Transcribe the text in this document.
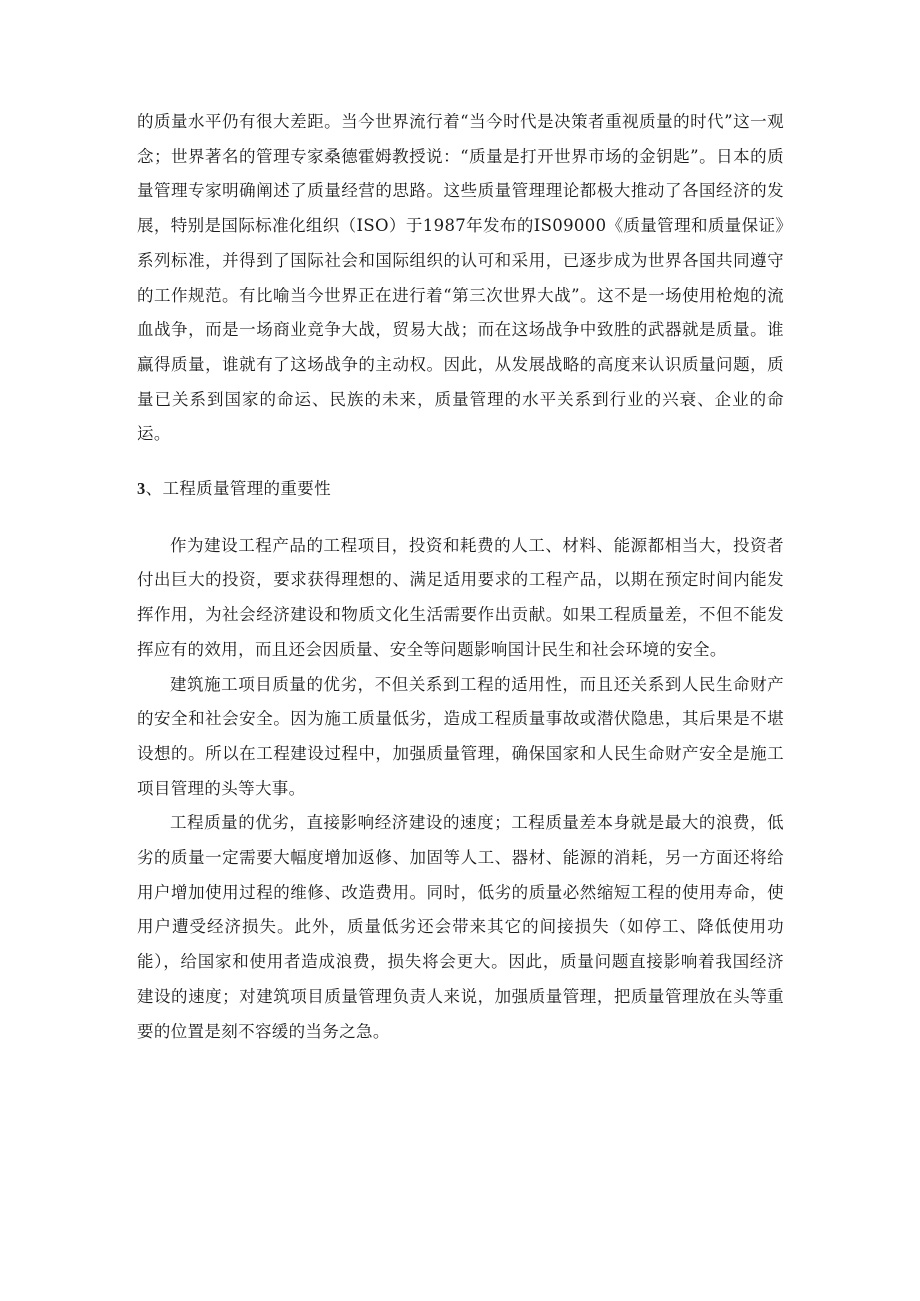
的质量水平仍有很大差距。当今世界流行着“当今时代是决策者重视质量的时代”这一观念；世界著名的管理专家桑德霍姆教授说：“质量是打开世界市场的金钥匙”。日本的质量管理专家明确阐述了质量经营的思路。这些质量管理理论都极大推动了各国经济的发展，特别是国际标准化组织（ISO）于1987年发布的IS09000《质量管理和质量保证》系列标准，并得到了国际社会和国际组织的认可和采用，已逐步成为世界各国共同遵守的工作规范。有比喻当今世界正在进行着“第三次世界大战”。这不是一场使用枪炮的流血战争，而是一场商业竞争大战，贸易大战；而在这场战争中致胜的武器就是质量。谁赢得质量，谁就有了这场战争的主动权。因此，从发展战略的高度来认识质量问题，质量已关系到国家的命运、民族的未来，质量管理的水平关系到行业的兴衰、企业的命运。

3、工程质量管理的重要性

作为建设工程产品的工程项目，投资和耗费的人工、材料、能源都相当大，投资者付出巨大的投资，要求获得理想的、满足适用要求的工程产品，以期在预定时间内能发挥作用，为社会经济建设和物质文化生活需要作出贡献。如果工程质量差，不但不能发挥应有的效用，而且还会因质量、安全等问题影响国计民生和社会环境的安全。

建筑施工项目质量的优劣，不但关系到工程的适用性，而且还关系到人民生命财产的安全和社会安全。因为施工质量低劣，造成工程质量事故或潜伏隐患，其后果是不堪设想的。所以在工程建设过程中，加强质量管理，确保国家和人民生命财产安全是施工项目管理的头等大事。

工程质量的优劣，直接影响经济建设的速度；工程质量差本身就是最大的浪费，低劣的质量一定需要大幅度增加返修、加固等人工、器材、能源的消耗，另一方面还将给用户增加使用过程的维修、改造费用。同时，低劣的质量必然缩短工程的使用寿命，使用户遭受经济损失。此外，质量低劣还会带来其它的间接损失（如停工、降低使用功能），给国家和使用者造成浪费，损失将会更大。因此，质量问题直接影响着我国经济建设的速度；对建筑项目质量管理负责人来说，加强质量管理，把质量管理放在头等重要的位置是刻不容缓的当务之急。
